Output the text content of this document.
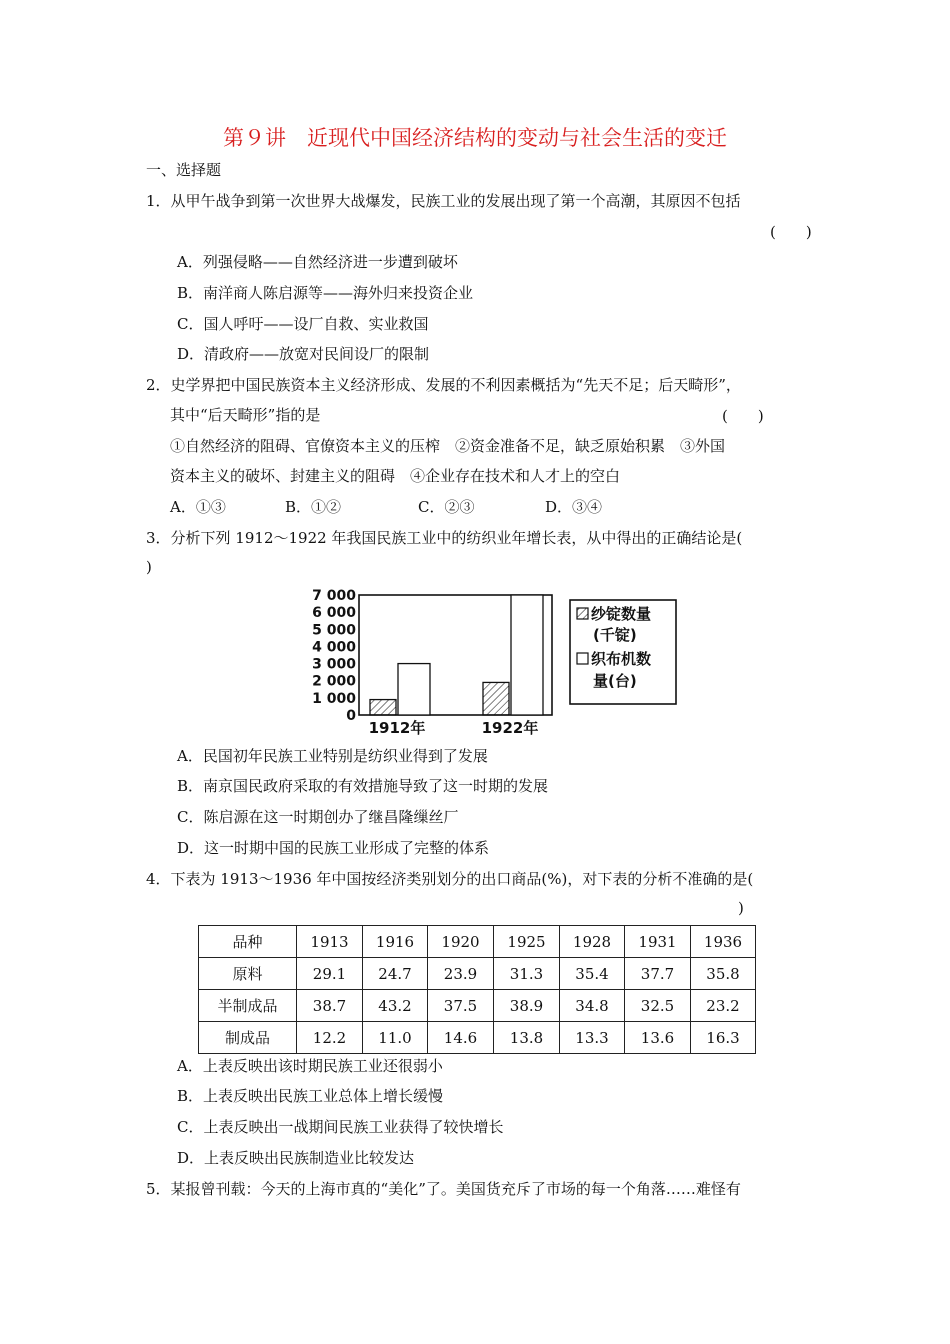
第９讲　近现代中国经济结构的变动与社会生活的变迁
一、选择题
1．从甲午战争到第一次世界大战爆发，民族工业的发展出现了第一个高潮，其原因不包括
(　　)
A．列强侵略——自然经济进一步遭到破坏
B．南洋商人陈启源等——海外归来投资企业
C．国人呼吁——设厂自救、实业救国
D．清政府——放宽对民间设厂的限制
2．史学界把中国民族资本主义经济形成、发展的不利因素概括为“先天不足；后天畸形”，
其中“后天畸形”指的是	(　　)
①自然经济的阻碍、官僚资本主义的压榨　②资金准备不足，缺乏原始积累　③外国
资本主义的破坏、封建主义的阻碍　④企业存在技术和人才上的空白
A．①③	B．①②	C．②③	D．③④
3．分析下列 1912～1922 年我国民族工业中的纺织业年增长表，从中得出的正确结论是(
)
0
1 000
2 000
3 000
4 000
5 000
6 000
7 000
1912年	1922年
纱锭数量
(千锭)
织布机数
量(台)
A．民国初年民族工业特别是纺织业得到了发展
B．南京国民政府采取的有效措施导致了这一时期的发展
C．陈启源在这一时期创办了继昌隆缫丝厂
D．这一时期中国的民族工业形成了完整的体系
4．下表为 1913～1936 年中国按经济类别划分的出口商品(%)，对下表的分析不准确的是(
)
品种	1913	1916	1920	1925	1928	1931	1936
原料	29.1	24.7	23.9	31.3	35.4	37.7	35.8
半制成品	38.7	43.2	37.5	38.9	34.8	32.5	23.2
制成品	12.2	11.0	14.6	13.8	13.3	13.6	16.3
A．上表反映出该时期民族工业还很弱小
B．上表反映出民族工业总体上增长缓慢
C．上表反映出一战期间民族工业获得了较快增长
D．上表反映出民族制造业比较发达
5．某报曾刊载：今天的上海市真的“美化”了。美国货充斥了市场的每一个角落……难怪有
